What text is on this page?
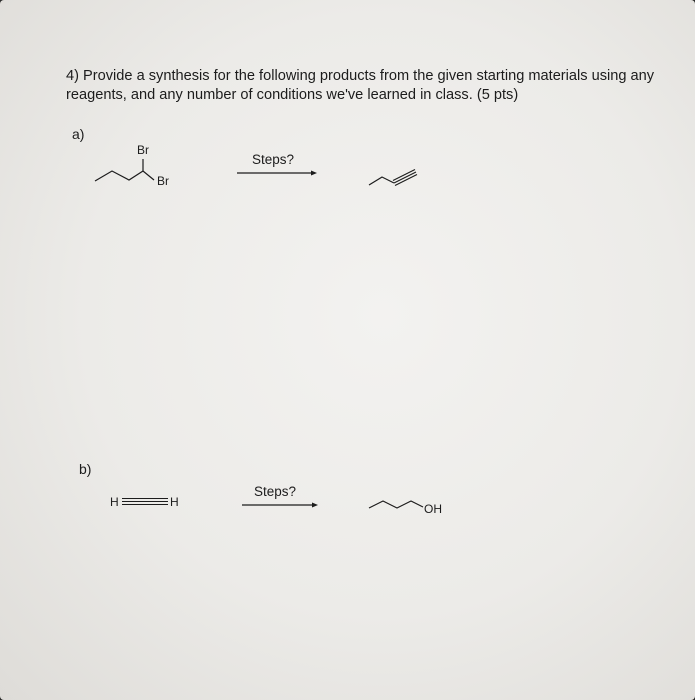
4) Provide a synthesis for the following products from the given starting materials using any reagents, and any number of conditions we've learned in class. (5 pts)
a)
Br
Br
Steps?
b)
H	H
Steps?
OH
